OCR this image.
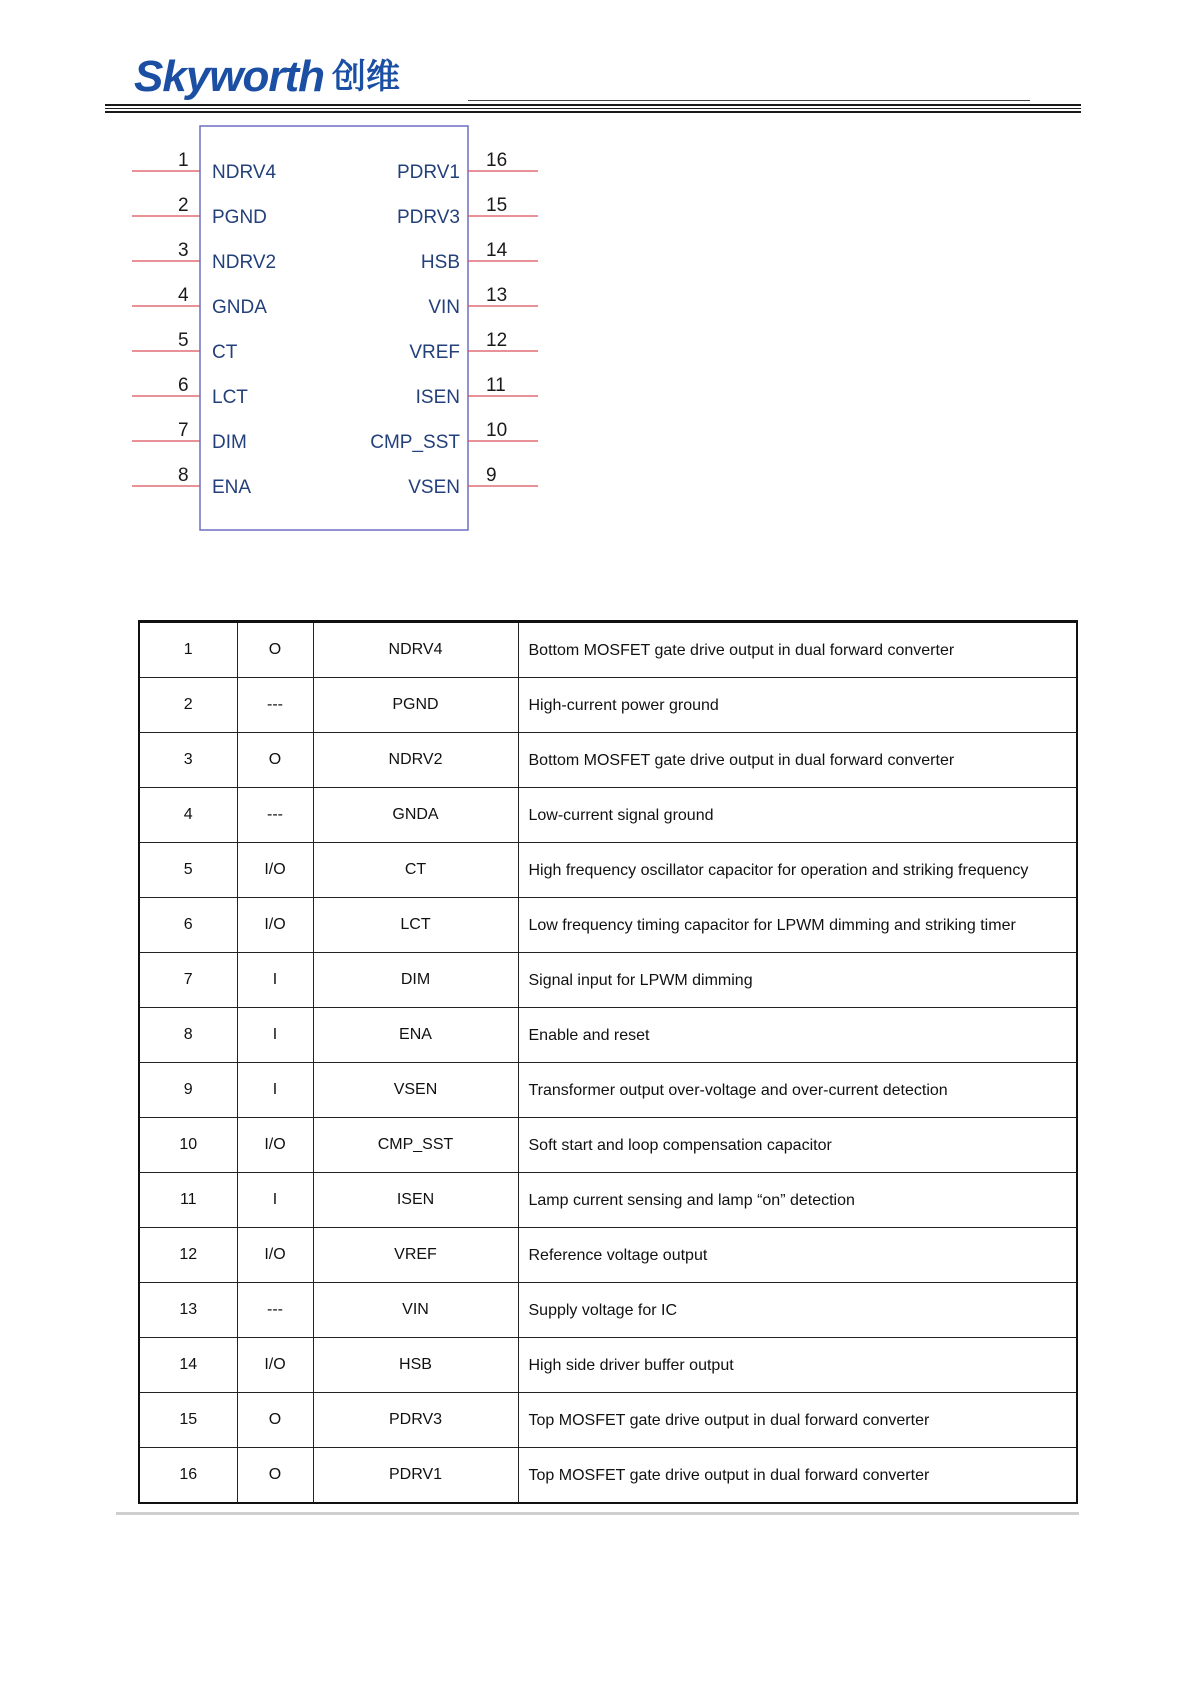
Skyworth 创维
1
NDRV4
2
PGND
3
NDRV2
4
GNDA
5
CT
6
LCT
7
DIM
8
ENA
16
PDRV1
15
PDRV3
14
HSB
13
VIN
12
VREF
11
ISEN
10
CMP_SST
9
VSEN

1	O	NDRV4	Bottom MOSFET gate drive output in dual forward converter
2	---	PGND	High-current power ground
3	O	NDRV2	Bottom MOSFET gate drive output in dual forward converter
4	---	GNDA	Low-current signal ground
5	I/O	CT	High frequency oscillator capacitor for operation and striking frequency
6	I/O	LCT	Low frequency timing capacitor for LPWM dimming and striking timer
7	I	DIM	Signal input for LPWM dimming
8	I	ENA	Enable and reset
9	I	VSEN	Transformer output over-voltage and over-current detection
10	I/O	CMP_SST	Soft start and loop compensation capacitor
11	I	ISEN	Lamp current sensing and lamp “on” detection
12	I/O	VREF	Reference voltage output
13	---	VIN	Supply voltage for IC
14	I/O	HSB	High side driver buffer output
15	O	PDRV3	Top MOSFET gate drive output in dual forward converter
16	O	PDRV1	Top MOSFET gate drive output in dual forward converter
